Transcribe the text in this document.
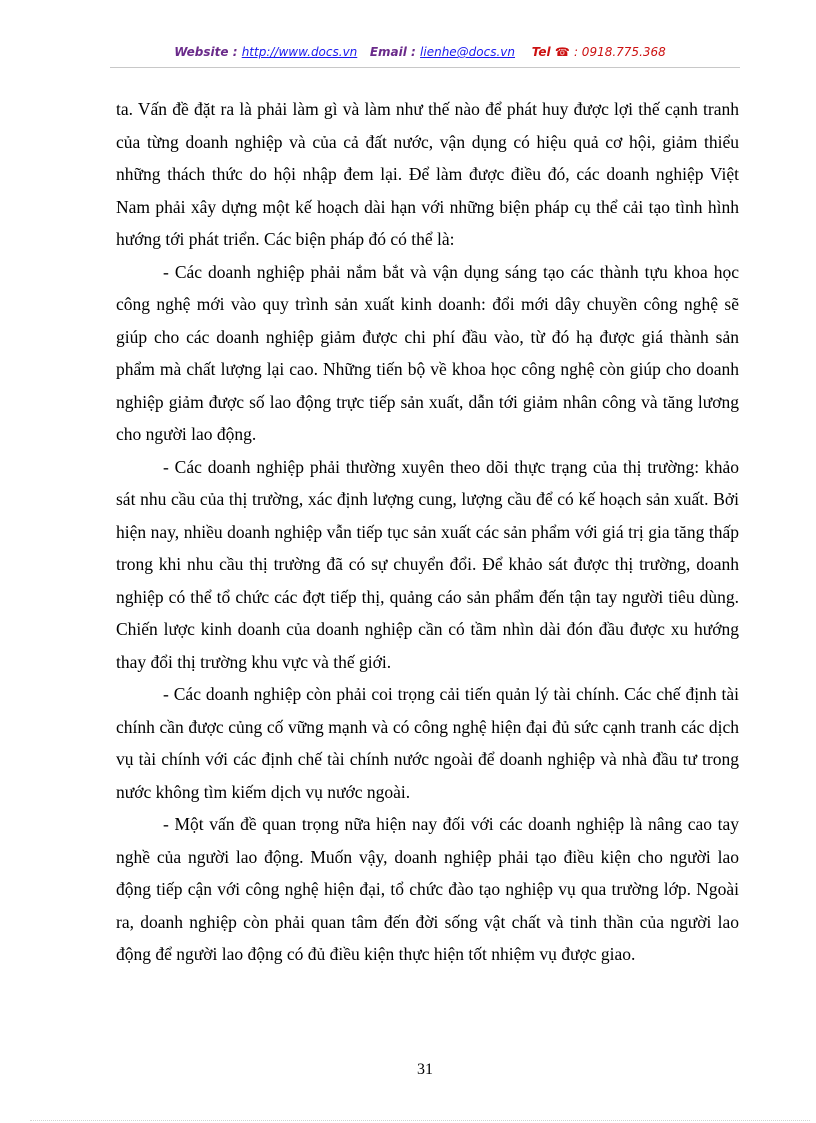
Website : http://www.docs.vn Email : lienhe@docs.vn Tel ☎ : 0918.775.368

ta. Vấn đề đặt ra là phải làm gì và làm như thế nào để phát huy được lợi thế cạnh tranh của từng doanh nghiệp và của cả đất nước, vận dụng có hiệu quả cơ hội, giảm thiểu những thách thức do hội nhập đem lại. Để làm được điều đó, các doanh nghiệp Việt Nam phải xây dựng một kế hoạch dài hạn với những biện pháp cụ thể cải tạo tình hình hướng tới phát triển. Các biện pháp đó có thể là:

- Các doanh nghiệp phải nắm bắt và vận dụng sáng tạo các thành tựu khoa học công nghệ mới vào quy trình sản xuất kinh doanh: đổi mới dây chuyền công nghệ sẽ giúp cho các doanh nghiệp giảm được chi phí đầu vào, từ đó hạ được giá thành sản phẩm mà chất lượng lại cao. Những tiến bộ về khoa học công nghệ còn giúp cho doanh nghiệp giảm được số lao động trực tiếp sản xuất, dẫn tới giảm nhân công và tăng lương cho người lao động.

- Các doanh nghiệp phải thường xuyên theo dõi thực trạng của thị trường: khảo sát nhu cầu của thị trường, xác định lượng cung, lượng cầu để có kế hoạch sản xuất. Bởi hiện nay, nhiều doanh nghiệp vẫn tiếp tục sản xuất các sản phẩm với giá trị gia tăng thấp trong khi nhu cầu thị trường đã có sự chuyển đổi. Để khảo sát được thị trường, doanh nghiệp có thể tổ chức các đợt tiếp thị, quảng cáo sản phẩm đến tận tay người tiêu dùng. Chiến lược kinh doanh của doanh nghiệp cần có tầm nhìn dài đón đầu được xu hướng thay đổi thị trường khu vực và thế giới.

- Các doanh nghiệp còn phải coi trọng cải tiến quản lý tài chính. Các chế định tài chính cần được củng cố vững mạnh và có công nghệ hiện đại đủ sức cạnh tranh các dịch vụ tài chính với các định chế tài chính nước ngoài để doanh nghiệp và nhà đầu tư trong nước không tìm kiếm dịch vụ nước ngoài.

- Một vấn đề quan trọng nữa hiện nay đối với các doanh nghiệp là nâng cao tay nghề của người lao động. Muốn vậy, doanh nghiệp phải tạo điều kiện cho người lao động tiếp cận với công nghệ hiện đại, tổ chức đào tạo nghiệp vụ qua trường lớp. Ngoài ra, doanh nghiệp còn phải quan tâm đến đời sống vật chất và tinh thần của người lao động để người lao động có đủ điều kiện thực hiện tốt nhiệm vụ được giao.

31
